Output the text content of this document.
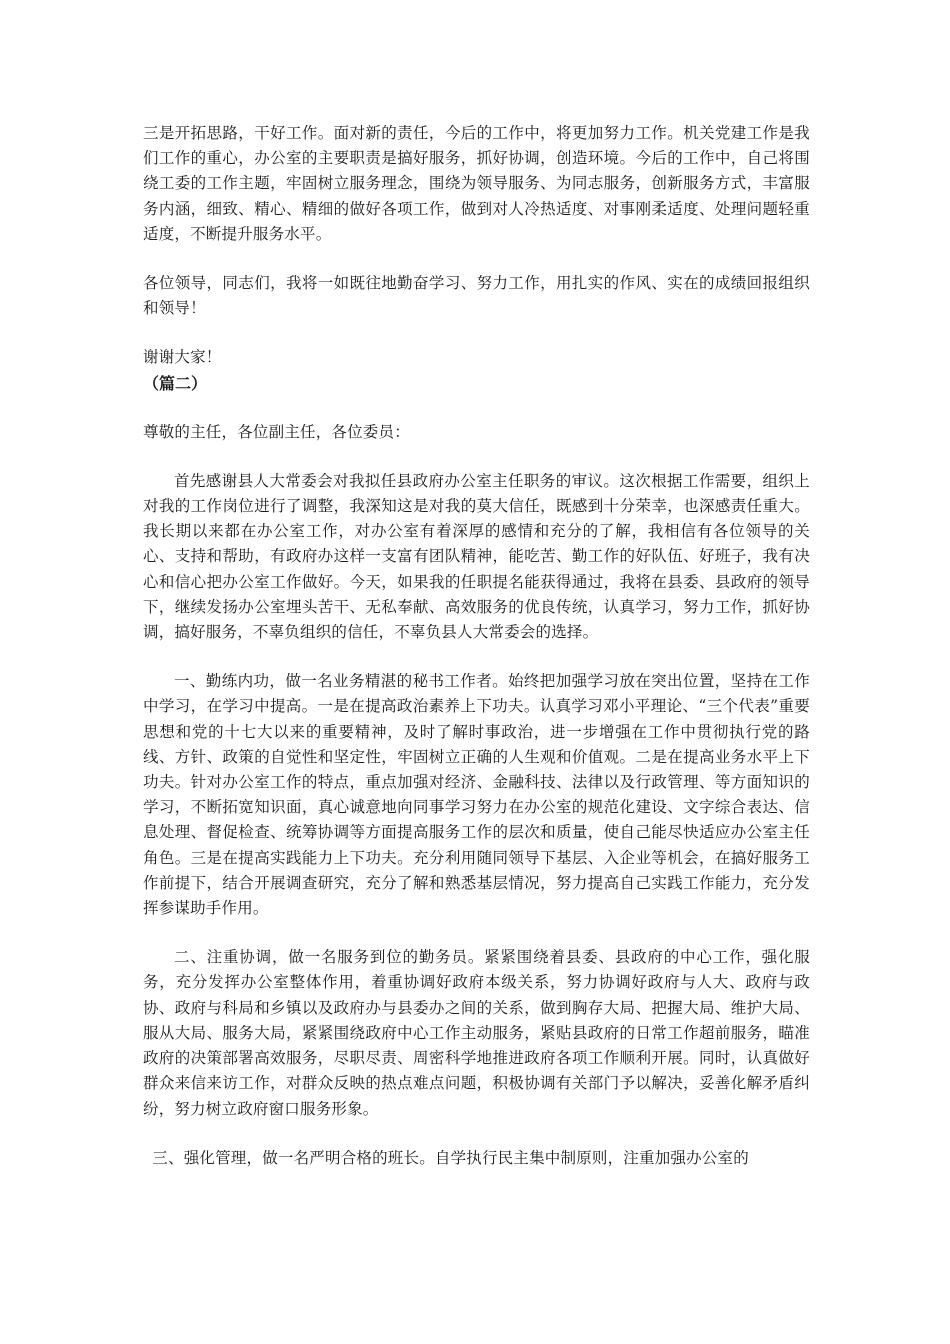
三是开拓思路，干好工作。面对新的责任，今后的工作中，将更加努力工作。机关党建工作是我们工作的重心，办公室的主要职责是搞好服务，抓好协调，创造环境。今后的工作中，自己将围绕工委的工作主题，牢固树立服务理念，围绕为领导服务、为同志服务，创新服务方式，丰富服务内涵，细致、精心、精细的做好各项工作，做到对人冷热适度、对事刚柔适度、处理问题轻重适度，不断提升服务水平。

各位领导，同志们，我将一如既往地勤奋学习、努力工作，用扎实的作风、实在的成绩回报组织和领导！

谢谢大家！

（篇二）

尊敬的主任，各位副主任，各位委员：

首先感谢县人大常委会对我拟任县政府办公室主任职务的审议。这次根据工作需要，组织上对我的工作岗位进行了调整，我深知这是对我的莫大信任，既感到十分荣幸，也深感责任重大。我长期以来都在办公室工作，对办公室有着深厚的感情和充分的了解，我相信有各位领导的关心、支持和帮助，有政府办这样一支富有团队精神，能吃苦、勤工作的好队伍、好班子，我有决心和信心把办公室工作做好。今天，如果我的任职提名能获得通过，我将在县委、县政府的领导下，继续发扬办公室埋头苦干、无私奉献、高效服务的优良传统，认真学习，努力工作，抓好协调，搞好服务，不辜负组织的信任，不辜负县人大常委会的选择。

一、勤练内功，做一名业务精湛的秘书工作者。始终把加强学习放在突出位置，坚持在工作中学习，在学习中提高。一是在提高政治素养上下功夫。认真学习邓小平理论、“三个代表”重要思想和党的十七大以来的重要精神，及时了解时事政治，进一步增强在工作中贯彻执行党的路线、方针、政策的自觉性和坚定性，牢固树立正确的人生观和价值观。二是在提高业务水平上下功夫。针对办公室工作的特点，重点加强对经济、金融科技、法律以及行政管理、等方面知识的学习，不断拓宽知识面，真心诚意地向同事学习努力在办公室的规范化建设、文字综合表达、信息处理、督促检查、统筹协调等方面提高服务工作的层次和质量，使自己能尽快适应办公室主任角色。三是在提高实践能力上下功夫。充分利用随同领导下基层、入企业等机会，在搞好服务工作前提下，结合开展调查研究，充分了解和熟悉基层情况，努力提高自己实践工作能力，充分发挥参谋助手作用。

二、注重协调，做一名服务到位的勤务员。紧紧围绕着县委、县政府的中心工作，强化服务，充分发挥办公室整体作用，着重协调好政府本级关系，努力协调好政府与人大、政府与政协、政府与科局和乡镇以及政府办与县委办之间的关系，做到胸存大局、把握大局、维护大局、服从大局、服务大局，紧紧围绕政府中心工作主动服务，紧贴县政府的日常工作超前服务，瞄准政府的决策部署高效服务，尽职尽责、周密科学地推进政府各项工作顺利开展。同时，认真做好群众来信来访工作，对群众反映的热点难点问题，积极协调有关部门予以解决，妥善化解矛盾纠纷，努力树立政府窗口服务形象。

三、强化管理，做一名严明合格的班长。自学执行民主集中制原则，注重加强办公室的
